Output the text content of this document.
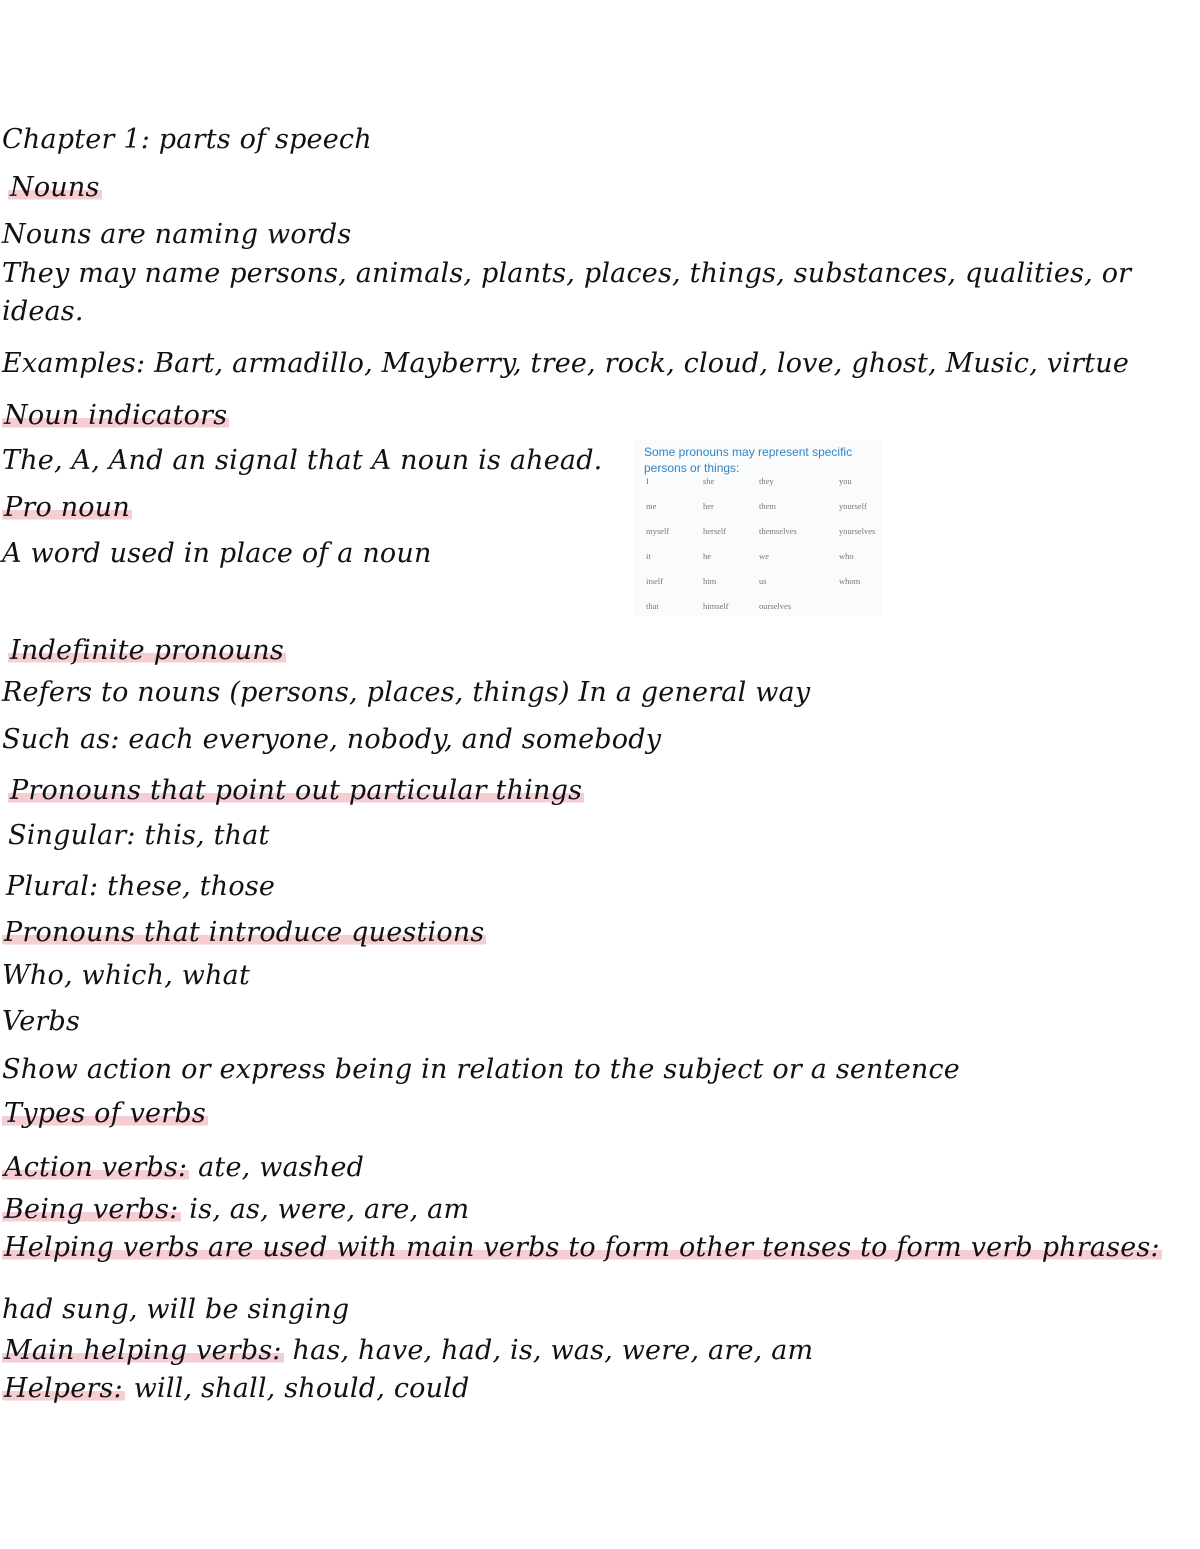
Chapter 1: parts of speech
Nouns
Nouns are naming words
They may name persons, animals, plants, places, things, substances, qualities, or ideas.
Examples: Bart, armadillo, Mayberry, tree, rock, cloud, love, ghost, Music, virtue
Noun indicators
The, A, And an signal that A noun is ahead.
Pro noun
A word used in place of a noun
Some pronouns may represent specific persons or things:
I	she	they	you
me	her	them	yourself
myself	herself	themselves	yourselves
it	he	we	who
itself	him	us	whom
that	himself	ourselves	
Indefinite pronouns
Refers to nouns (persons, places, things) In a general way
Such as: each everyone, nobody, and somebody
Pronouns that point out particular things
Singular: this, that
Plural: these, those
Pronouns that introduce questions
Who, which, what
Verbs
Show action or express being in relation to the subject or a sentence
Types of verbs
Action verbs: ate, washed
Being verbs: is, as, were, are, am
Helping verbs are used with main verbs to form other tenses to form verb phrases:
had sung, will be singing
Main helping verbs: has, have, had, is, was, were, are, am
Helpers: will, shall, should, could
